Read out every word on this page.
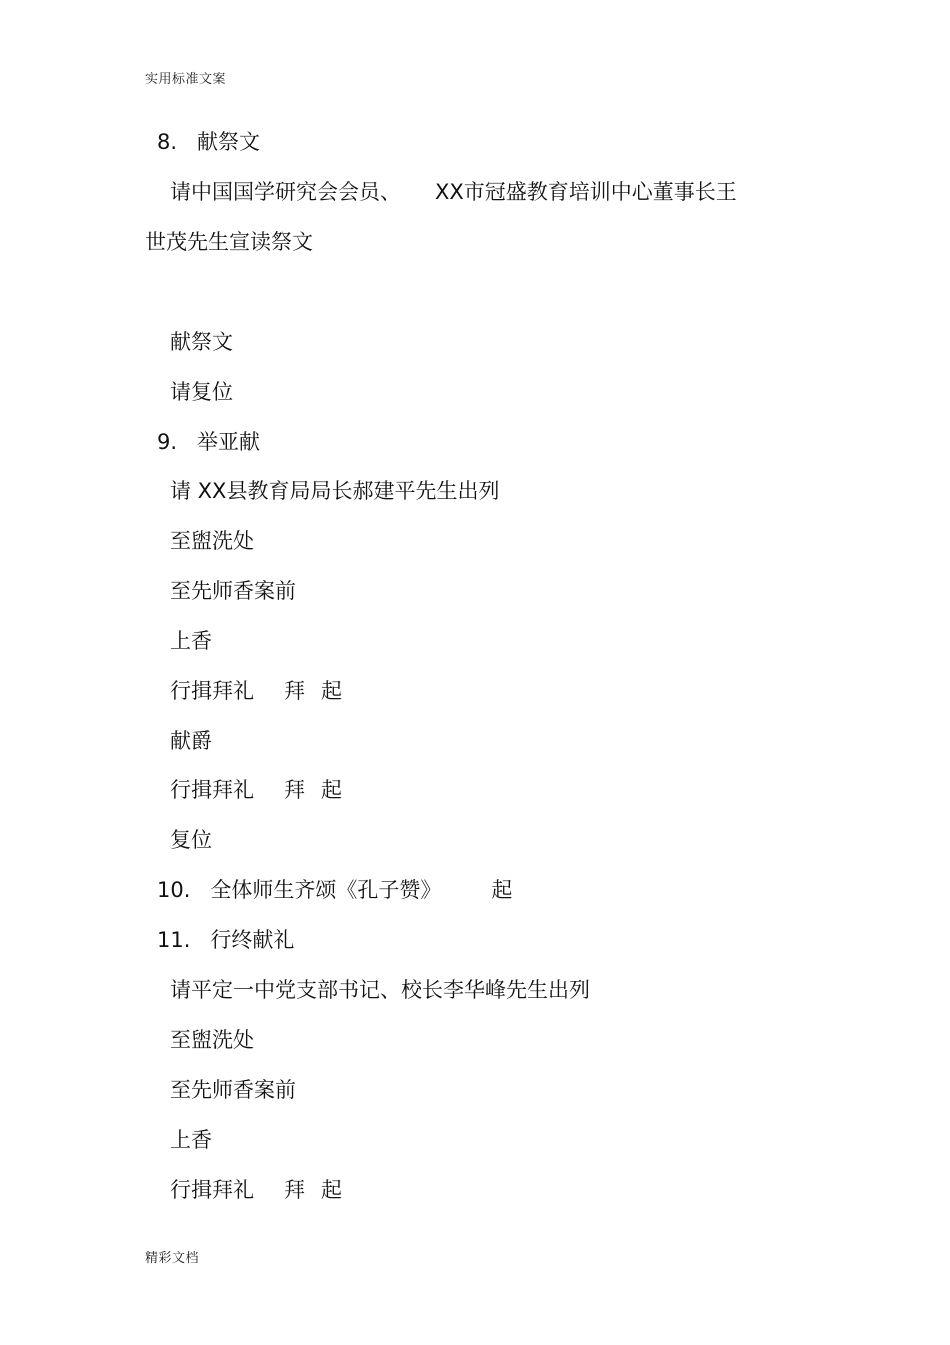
实用标准文案
8. 献祭文
请中国国学研究会会员、 XX市冠盛教育培训中心董事长王
世茂先生宣读祭文
献祭文
请复位
9. 举亚献
请 XX县教育局局长郝建平先生出列
至盥洗处
至先师香案前
上香
行揖拜礼 拜 起
献爵
行揖拜礼 拜 起
复位
10. 全体师生齐颂《孔子赞》 起
11. 行终献礼
请平定一中党支部书记、校长李华峰先生出列
至盥洗处
至先师香案前
上香
行揖拜礼 拜 起
精彩文档
